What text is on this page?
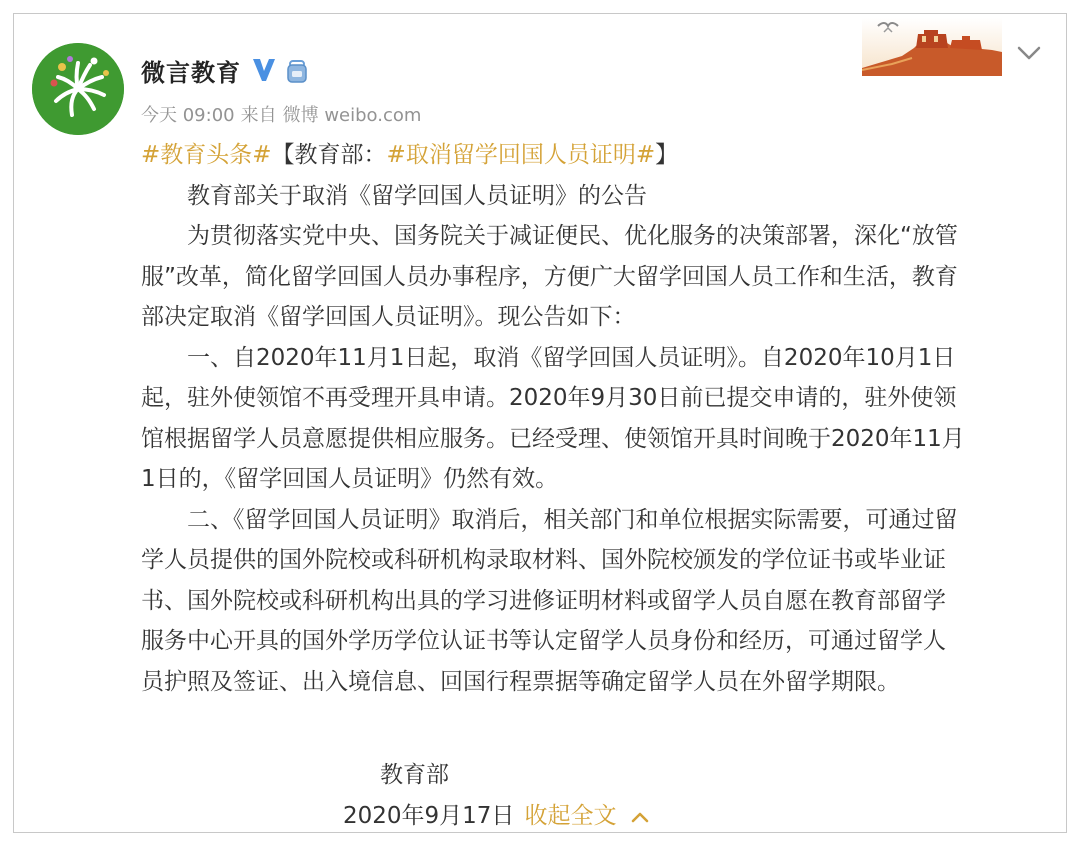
微言教育
今天 09:00 来自 微博 weibo.com
#教育头条#【教育部：#取消留学回国人员证明#】
教育部关于取消《留学回国人员证明》的公告
为贯彻落实党中央、国务院关于减证便民、优化服务的决策部署，深化“放管
服”改革，简化留学回国人员办事程序，方便广大留学回国人员工作和生活，教育
部决定取消《留学回国人员证明》。现公告如下：
一、自2020年11月1日起，取消《留学回国人员证明》。自2020年10月1日
起，驻外使领馆不再受理开具申请。2020年9月30日前已提交申请的，驻外使领
馆根据留学人员意愿提供相应服务。已经受理、使领馆开具时间晚于2020年11月
1日的，《留学回国人员证明》仍然有效。
二、《留学回国人员证明》取消后，相关部门和单位根据实际需要，可通过留
学人员提供的国外院校或科研机构录取材料、国外院校颁发的学位证书或毕业证
书、国外院校或科研机构出具的学习进修证明材料或留学人员自愿在教育部留学
服务中心开具的国外学历学位认证书等认定留学人员身份和经历，可通过留学人
员护照及签证、出入境信息、回国行程票据等确定留学人员在外留学期限。
教育部
2020年9月17日 收起全文
